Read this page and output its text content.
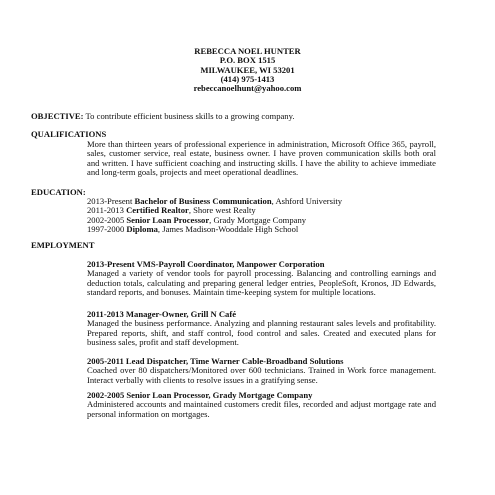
REBECCA NOEL HUNTER
P.O. BOX 1515
MILWAUKEE, WI 53201
(414) 975-1413
rebeccanoelhunt@yahoo.com
OBJECTIVE: To contribute efficient business skills to a growing company.
QUALIFICATIONS
More than thirteen years of professional experience in administration, Microsoft Office 365, payroll, sales, customer service, real estate, business owner. I have proven communication skills both oral and written. I have sufficient coaching and instructing skills. I have the ability to achieve immediate and long-term goals, projects and meet operational deadlines.
EDUCATION:
2013-Present Bachelor of Business Communication, Ashford University
2011-2013 Certified Realtor, Shore west Realty
2002-2005 Senior Loan Processor, Grady Mortgage Company
1997-2000 Diploma, James Madison-Wooddale High School
EMPLOYMENT
2013-Present VMS-Payroll Coordinator, Manpower Corporation
Managed a variety of vendor tools for payroll processing. Balancing and controlling earnings and deduction totals, calculating and preparing general ledger entries, PeopleSoft, Kronos, JD Edwards, standard reports, and bonuses. Maintain time-keeping system for multiple locations.
2011-2013 Manager-Owner, Grill N Café
Managed the business performance. Analyzing and planning restaurant sales levels and profitability. Prepared reports, shift, and staff control, food control and sales. Created and executed plans for business sales, profit and staff development.
2005-2011 Lead Dispatcher, Time Warner Cable-Broadband Solutions
Coached over 80 dispatchers/Monitored over 600 technicians. Trained in Work force management. Interact verbally with clients to resolve issues in a gratifying sense.
2002-2005 Senior Loan Processor, Grady Mortgage Company
Administered accounts and maintained customers credit files, recorded and adjust mortgage rate and personal information on mortgages.
